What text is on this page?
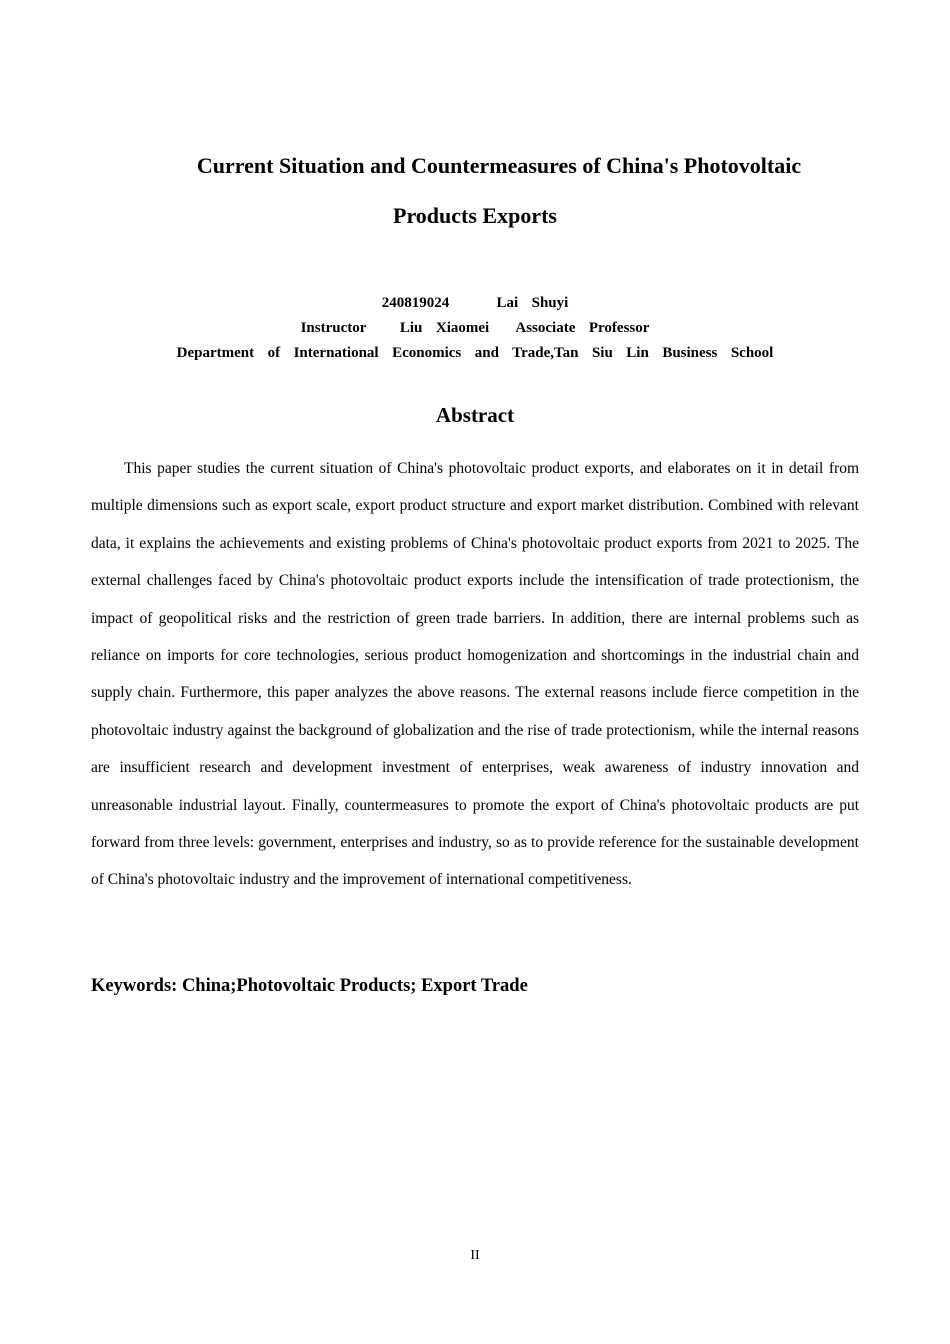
Current Situation and Countermeasures of China's Photovoltaic
Products Exports
240819024       Lai  Shuyi
Instructor     Liu  Xiaomei    Associate  Professor
Department  of  International  Economics  and  Trade,Tan  Siu  Lin  Business  School
Abstract

This paper studies the current situation of China's photovoltaic product exports, and elaborates on it in detail from multiple dimensions such as export scale, export product structure and export market distribution. Combined with relevant data, it explains the achievements and existing problems of China's photovoltaic product exports from 2021 to 2025. The external challenges faced by China's photovoltaic product exports include the intensification of trade protectionism, the impact of geopolitical risks and the restriction of green trade barriers. In addition, there are internal problems such as reliance on imports for core technologies, serious product homogenization and shortcomings in the industrial chain and supply chain. Furthermore, this paper analyzes the above reasons. The external reasons include fierce competition in the photovoltaic industry against the background of globalization and the rise of trade protectionism, while the internal reasons are insufficient research and development investment of enterprises, weak awareness of industry innovation and unreasonable industrial layout. Finally, countermeasures to promote the export of China's photovoltaic products are put forward from three levels: government, enterprises and industry, so as to provide reference for the sustainable development of China's photovoltaic industry and the improvement of international competitiveness.

Keywords: China;Photovoltaic Products; Export Trade
II
